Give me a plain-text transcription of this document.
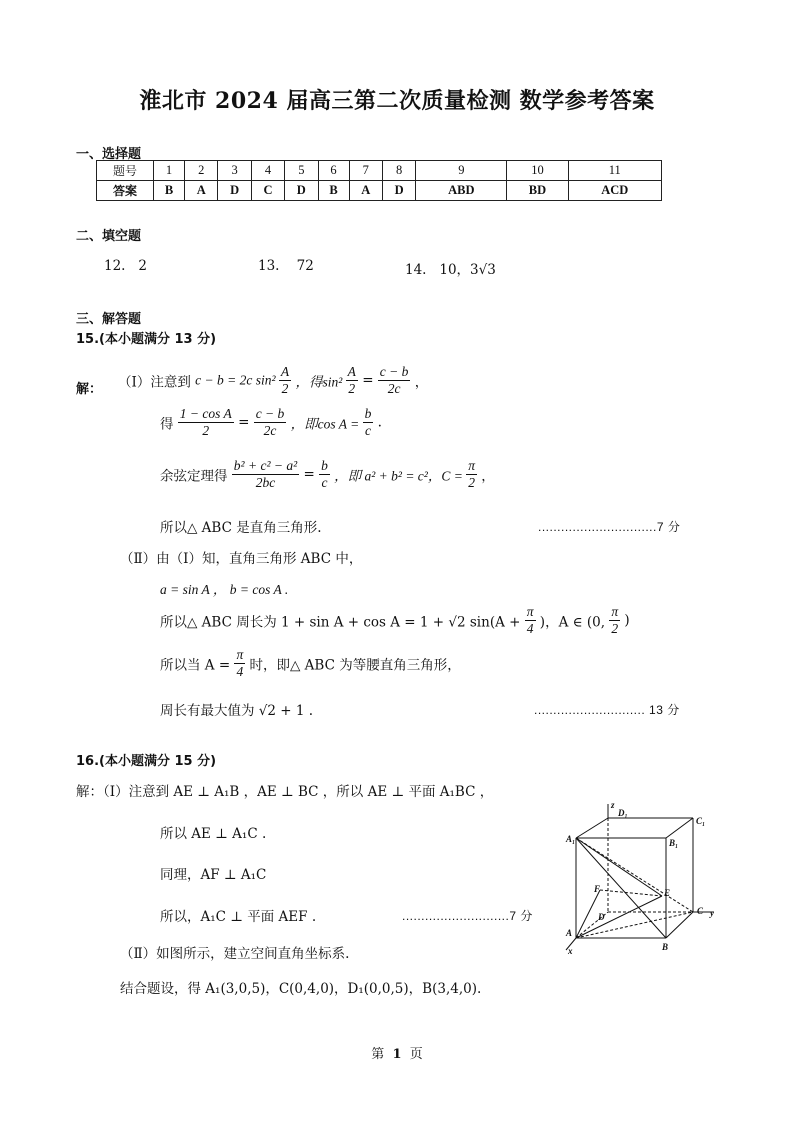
淮北市 2024 届高三第二次质量检测 数学参考答案
一、选择题
题号	1	2	3	4	5	6	7	8	9	10	11
答案	B	A	D	C	D	B	A	D	ABD	BD	ACD
二、填空题
12. 2	13. 72	14. 10，3√3
三、解答题
15.(本小题满分 13 分)
解： （Ⅰ）注意到 c − b = 2c $\sin^2 \frac{A}{2}$ ，得$\sin^2 \frac{A}{2} = \frac{c - b}{2c}$ ，
得 $\frac{\text{1 − cos A}}{2} = \frac{c - b}{2c}$ ，即$\cos A = \frac{b}{c}$ .
余弦定理得 $\frac{\text{b² + c² − a²}}{2bc} = \frac{b}{c}$ ，即 a² + b² = c²，$C = \frac{\pi}{2}$ ，
所以△ ABC 是直角三角形.	...............................7 分
（Ⅱ）由（Ⅰ）知，直角三角形 ABC 中，
a = sin A ， b = cos A .
所以△ ABC 周长为 1 + sin A + cos A = 1 + √2 $\sin(A + \frac{\pi}{4}$ )，A ∈ (0, $\frac{\pi}{2}$ )
所以当 $A = \frac{\pi}{4}$ 时，即△ ABC 为等腰直角三角形，
周长有最大值为 √2 + 1 .	............................. 13 分
16.(本小题满分 15 分)
解：（Ⅰ）注意到 AE ⊥ A₁B ，AE ⊥ BC ，所以 AE ⊥ 平面 A₁BC ，
所以 AE ⊥ A₁C .
同理，AF ⊥ A₁C
所以，A₁C ⊥ 平面 AEF .	............................7 分
（Ⅱ）如图所示，建立空间直角坐标系.
结合题设，得 A₁(3,0,5)，C(0,4,0)，D₁(0,0,5)，B(3,4,0).
z
D₁
C₁
A₁	B₁
F	E
D
C y
A
B
x
第 1 页
